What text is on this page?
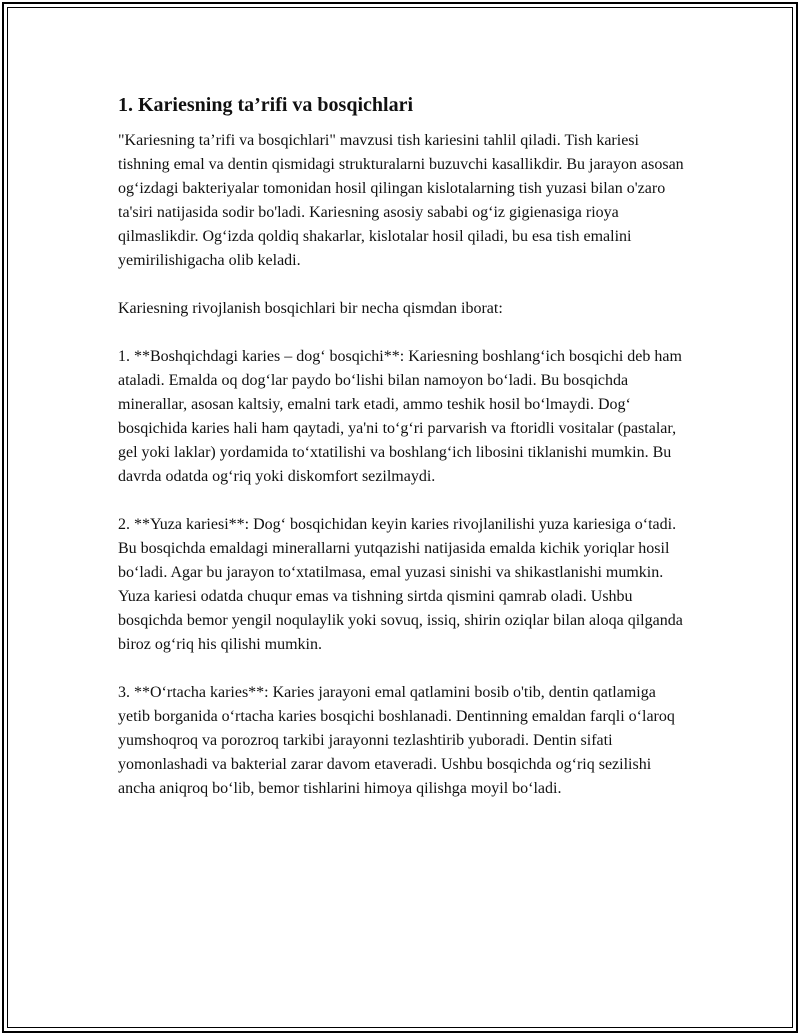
1. Kariesning ta’rifi va bosqichlari

"Kariesning ta’rifi va bosqichlari" mavzusi tish kariesini tahlil qiladi. Tish kariesi tishning emal va dentin qismidagi strukturalarni buzuvchi kasallikdir. Bu jarayon asosan og‘izdagi bakteriyalar tomonidan hosil qilingan kislotalarning tish yuzasi bilan o'zaro ta'siri natijasida sodir bo'ladi. Kariesning asosiy sababi og‘iz gigienasiga rioya qilmaslikdir. Og‘izda qoldiq shakarlar, kislotalar hosil qiladi, bu esa tish emalini yemirilishigacha olib keladi.

Kariesning rivojlanish bosqichlari bir necha qismdan iborat:

1. **Boshqichdagi karies – dog‘ bosqichi**: Kariesning boshlang‘ich bosqichi deb ham ataladi. Emalda oq dog‘lar paydo bo‘lishi bilan namoyon bo‘ladi. Bu bosqichda minerallar, asosan kaltsiy, emalni tark etadi, ammo teshik hosil bo‘lmaydi. Dog‘ bosqichida karies hali ham qaytadi, ya'ni to‘g‘ri parvarish va ftoridli vositalar (pastalar, gel yoki laklar) yordamida to‘xtatilishi va boshlang‘ich libosini tiklanishi mumkin. Bu davrda odatda og‘riq yoki diskomfort sezilmaydi.

2. **Yuza kariesi**: Dog‘ bosqichidan keyin karies rivojlanilishi yuza kariesiga o‘tadi. Bu bosqichda emaldagi minerallarni yutqazishi natijasida emalda kichik yoriqlar hosil bo‘ladi. Agar bu jarayon to‘xtatilmasa, emal yuzasi sinishi va shikastlanishi mumkin. Yuza kariesi odatda chuqur emas va tishning sirtda qismini qamrab oladi. Ushbu bosqichda bemor yengil noqulaylik yoki sovuq, issiq, shirin oziqlar bilan aloqa qilganda biroz og‘riq his qilishi mumkin.

3. **O‘rtacha karies**: Karies jarayoni emal qatlamini bosib o'tib, dentin qatlamiga yetib borganida o‘rtacha karies bosqichi boshlanadi. Dentinning emaldan farqli o‘laroq yumshoqroq va porozroq tarkibi jarayonni tezlashtirib yuboradi. Dentin sifati yomonlashadi va bakterial zarar davom etaveradi. Ushbu bosqichda og‘riq sezilishi ancha aniqroq bo‘lib, bemor tishlarini himoya qilishga moyil bo‘ladi.
